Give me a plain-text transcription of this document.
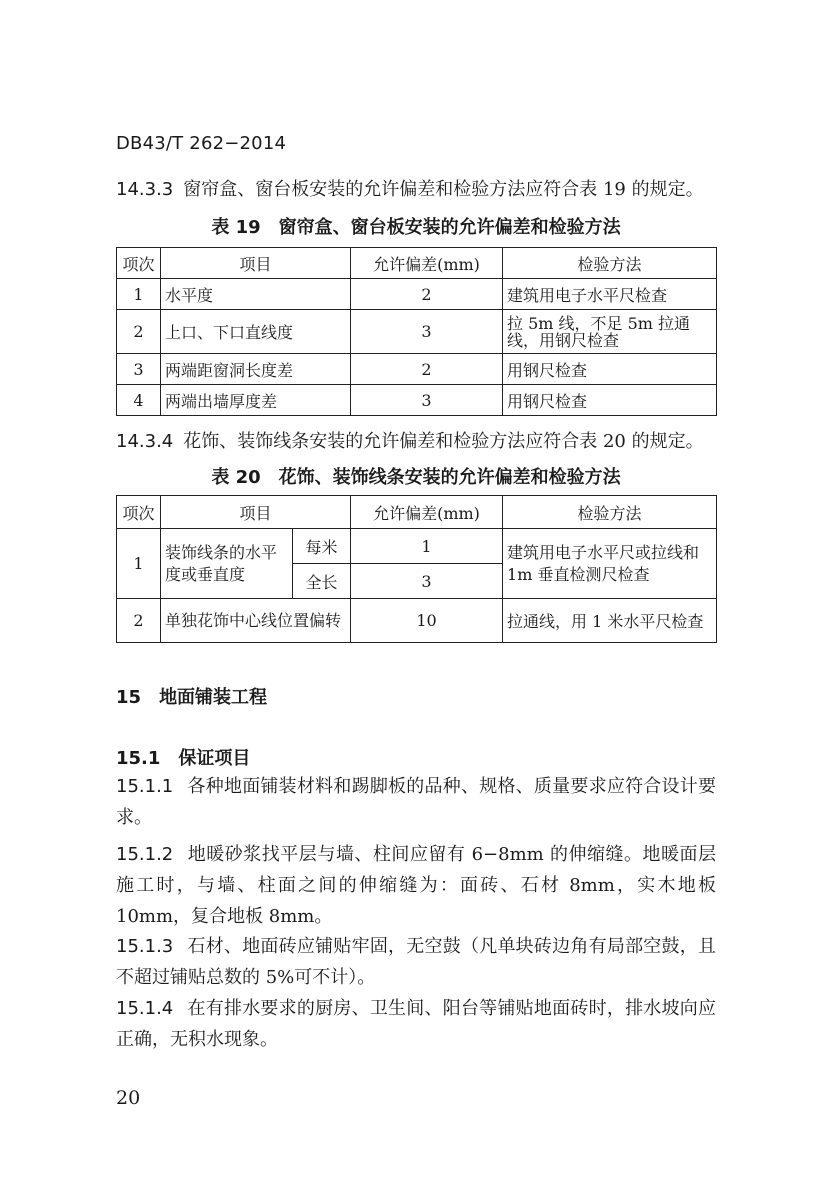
DB43/T 262−2014
14.3.3 窗帘盒、窗台板安装的允许偏差和检验方法应符合表 19 的规定。
表 19 窗帘盒、窗台板安装的允许偏差和检验方法
项次	项目	允许偏差(mm)	检验方法
1	水平度	2	建筑用电子水平尺检查
2	上口、下口直线度	3	拉 5m 线，不足 5m 拉通线，用钢尺检查
3	两端距窗洞长度差	2	用钢尺检查
4	两端出墙厚度差	3	用钢尺检查
14.3.4 花饰、装饰线条安装的允许偏差和检验方法应符合表 20 的规定。
表 20 花饰、装饰线条安装的允许偏差和检验方法
项次	项目		允许偏差(mm)	检验方法
1	装饰线条的水平度或垂直度	每米	1	建筑用电子水平尺或拉线和 1m 垂直检测尺检查
		全长	3	
2	单独花饰中心线位置偏转		10	拉通线，用 1 米水平尺检查
15 地面铺装工程
15.1 保证项目
15.1.1 各种地面铺装材料和踢脚板的品种、规格、质量要求应符合设计要求。
15.1.2 地暖砂浆找平层与墙、柱间应留有 6−8mm 的伸缩缝。地暖面层施工时，与墙、柱面之间的伸缩缝为：面砖、石材 8mm，实木地板 10mm，复合地板 8mm。
15.1.3 石材、地面砖应铺贴牢固，无空鼓（凡单块砖边角有局部空鼓，且不超过铺贴总数的 5%可不计）。
15.1.4 在有排水要求的厨房、卫生间、阳台等铺贴地面砖时，排水坡向应正确，无积水现象。
20
